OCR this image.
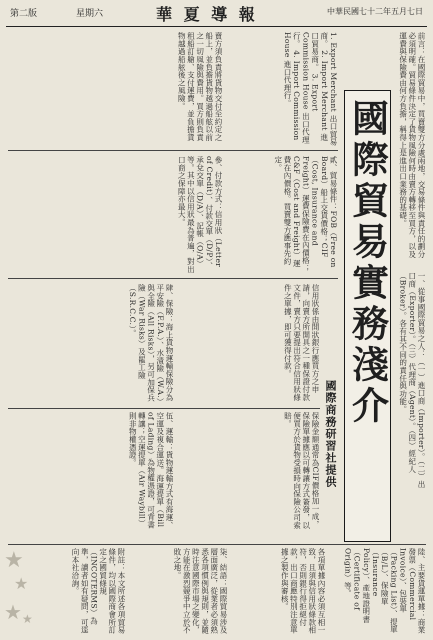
第二版	星期六	華 夏 導 報	中華民國七十二年五月七日
前言：在國際貿易中，買賣雙方分處兩地，交易條件與責任的劃分必須明確。貿易條件決定了貨物風險何時由賣方轉移至買方，以及運費與保險費由何方負擔，稱得上是進出口業務的基礎。
一、從事國際貿易之人：（一）進口商（Importer）。（二）出口商（Exporter）。（三）代理商（Agent）。（四）經紀人（Broker）。各有其不同的責任與功能。
1. Export Merchant 出口貿易商。 2. Import Merchant 進口貿易商。 3. Export Commission House 出口代理行。 4. Import Commission House 進口代理行。
貳、貿易條件：FOB（Free on Board）船上交貨價格；CIF（Cost, Insurance and Freight）運費保險費在內價格；C&F（Cost and Freight）運費在內價格。買賣雙方應事先約定。
賣方須負責將貨物交付至約定之船上，並負擔貨物越過船舷以前之一切風險與費用。買方則負責租船訂艙、支付運費，並負擔貨物越過船舷後之風險。
參、付款方式：信用狀（Letter of Credit）、付款交單（D/P）、承兌交單（D/A）、記帳（O/A）等。其中以信用狀最為普遍，對出口商之保障亦最大。
信用狀係由開狀銀行應買方之申請，向賣方所開具之一種保證付款文件，賣方只要提出符合信用狀條件之單據，即可獲得付款。
肆、保險：海上貨物運輸保險分為平安險（F.P.A.）、水漬險（W.A.）與全險（All Risks），另可加保兵險（War Risks）及罷工險（S.R.C.C.）。
保險金額通常為CIF價格加一成，保險單據應以可轉讓方式簽發，以便買方於貨物受損時向保險公司索賠。
伍、運輸：貨物運輸方式有海運、空運及複合運送。海運提單（Bill of Lading）為物權憑證，可背書轉讓；空運提單（Air Waybill）則非物權憑證。
國際貿易實務淺介
國際商務研習社提供
陸、主要貨運單據：商業發票（Commercial Invoice）、包裝單（Packing List）、提單（B/L）、保險單（Insurance Policy）、產地證明書（Certificate of Origin）等。
各項單據內容必須互相一致，且須與信用狀條款相符，否則銀行得拒絕付款，出口商應特別注意單據之製作與審核。
柒、結語：國際貿易涉及層面廣泛，從業者必須熟悉各項慣例與規則，並隨時注意國際市場之變化，方能在激烈競爭中立於不敗之地。
附註：本文所述各項貿易條件，均以國際商會所訂定之國貿條規（INCOTERMS）為準，讀者如有疑問，可逕向本社洽詢。
★
★
★ ★
